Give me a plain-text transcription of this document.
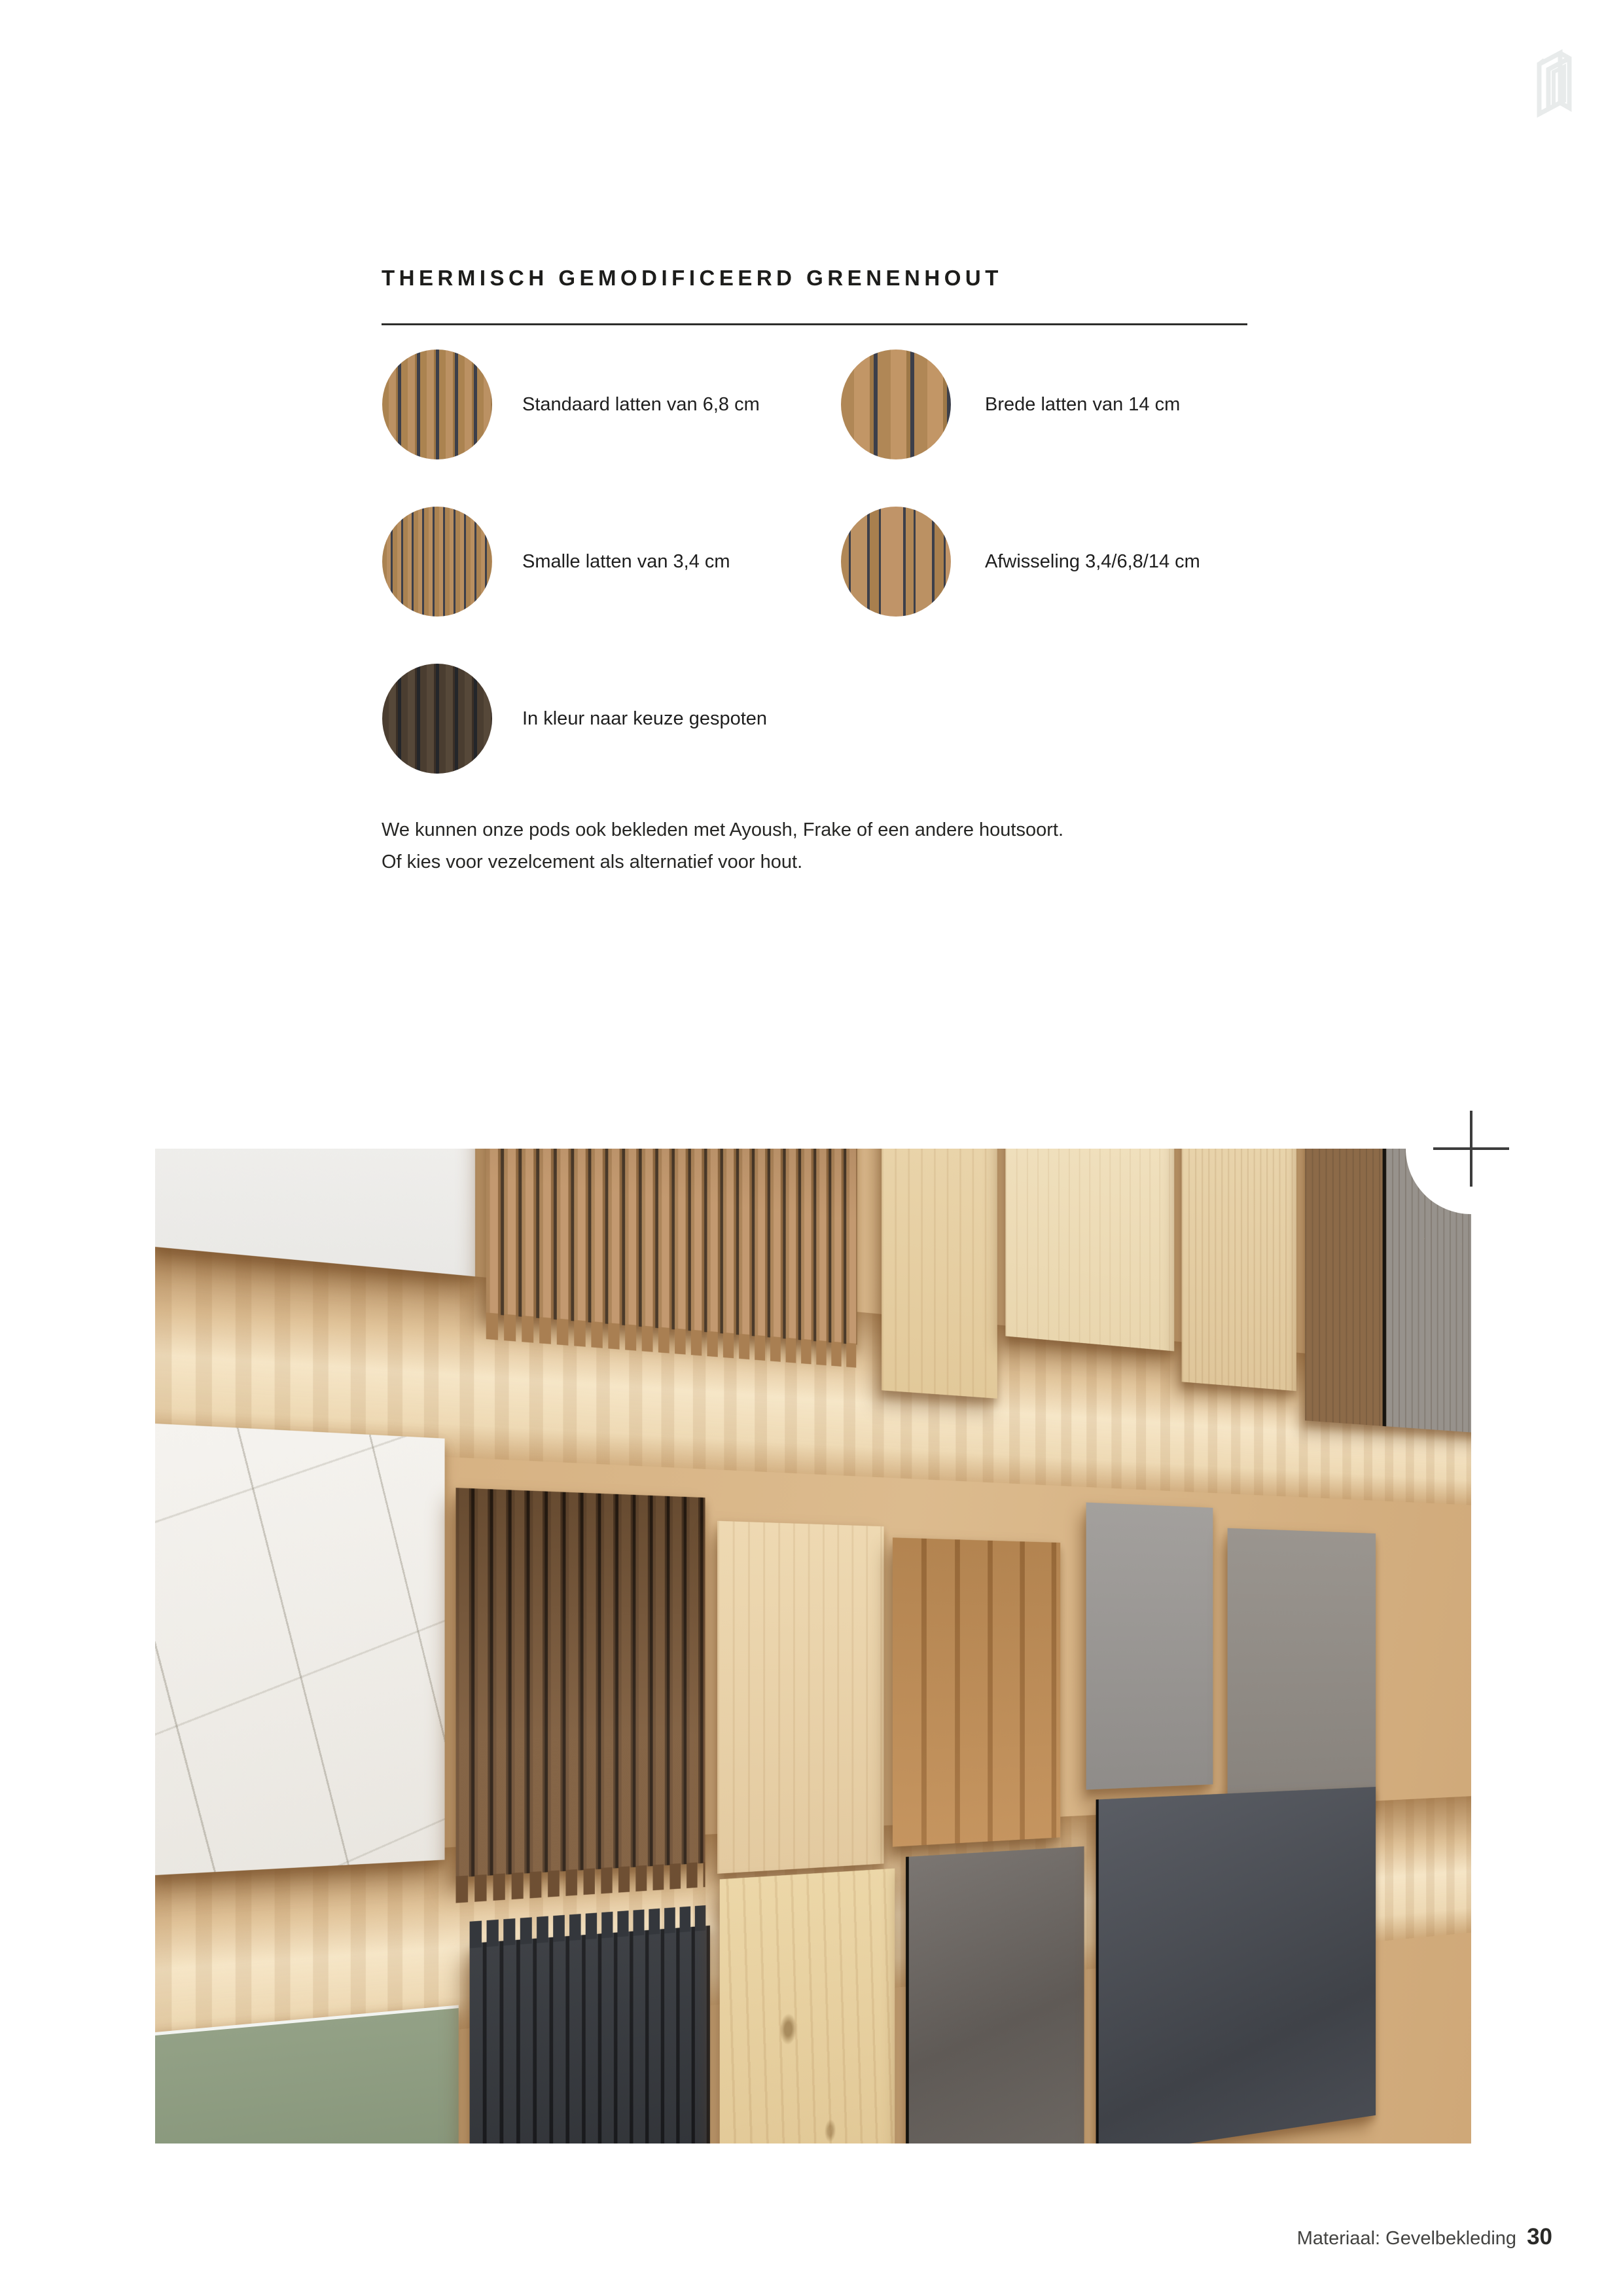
THERMISCH GEMODIFICEERD GRENENHOUT
Standaard latten van 6,8 cm	Brede latten van 14 cm
Smalle latten van 3,4 cm	Afwisseling 3,4/6,8/14 cm
In kleur naar keuze gespoten
We kunnen onze pods ook bekleden met Ayoush, Frake of een andere houtsoort.
Of kies voor vezelcement als alternatief voor hout.
Materiaal: Gevelbekleding 30
